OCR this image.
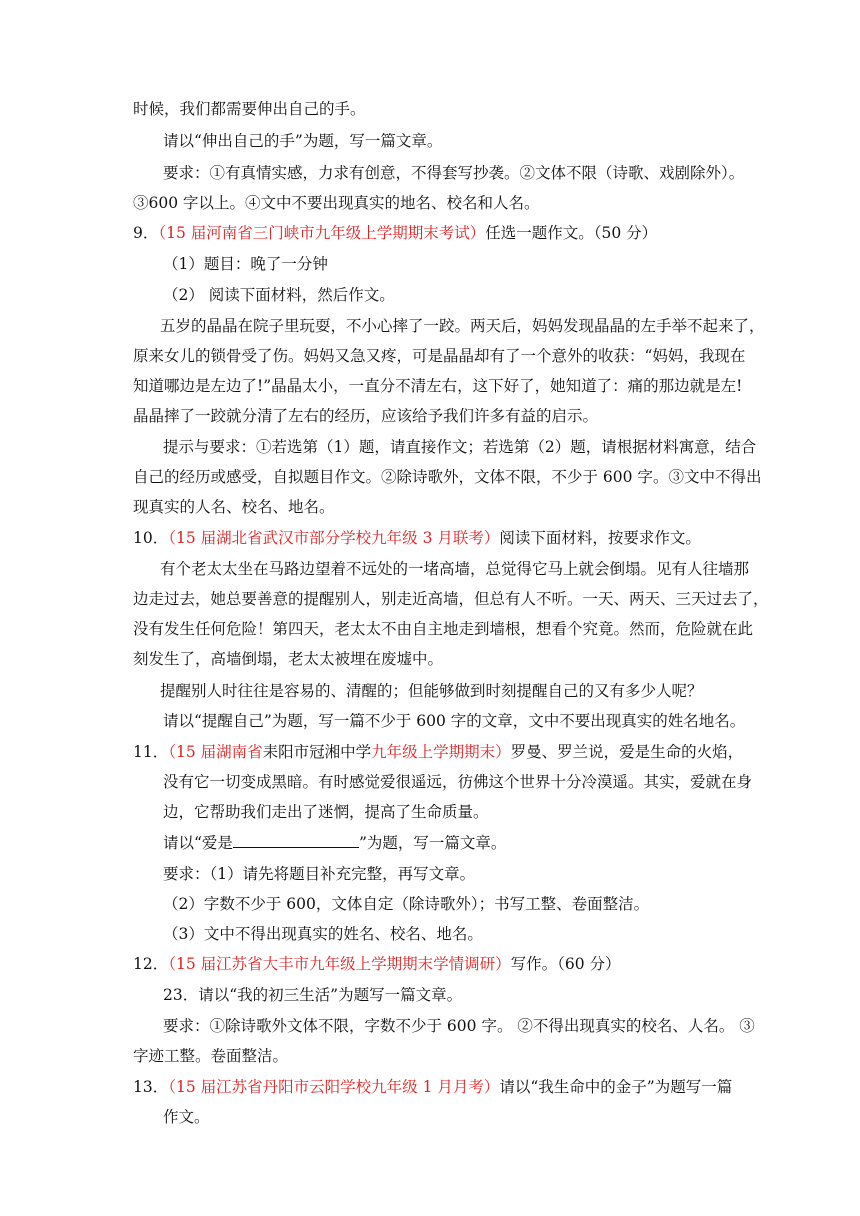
时候，我们都需要伸出自己的手。
请以“伸出自己的手”为题，写一篇文章。
要求：①有真情实感，力求有创意，不得套写抄袭。②文体不限（诗歌、戏剧除外）。
③600 字以上。④文中不要出现真实的地名、校名和人名。
9．（15 届河南省三门峡市九年级上学期期末考试）任选一题作文。（50 分）
（1）题目：晚了一分钟
（2） 阅读下面材料，然后作文。
五岁的晶晶在院子里玩耍，不小心摔了一跤。两天后，妈妈发现晶晶的左手举不起来了，
原来女儿的锁骨受了伤。妈妈又急又疼，可是晶晶却有了一个意外的收获：“妈妈，我现在
知道哪边是左边了!”晶晶太小，一直分不清左右，这下好了，她知道了：痛的那边就是左!
晶晶摔了一跤就分清了左右的经历，应该给予我们许多有益的启示。
提示与要求：①若选第（1）题，请直接作文；若选第（2）题，请根据材料寓意，结合
自己的经历或感受，自拟题目作文。②除诗歌外，文体不限，不少于 600 字。③文中不得出
现真实的人名、校名、地名。
10．（15 届湖北省武汉市部分学校九年级 3 月联考）阅读下面材料，按要求作文。
有个老太太坐在马路边望着不远处的一堵高墙，总觉得它马上就会倒塌。见有人往墙那
边走过去，她总要善意的提醒别人，别走近高墙，但总有人不听。一天、两天、三天过去了，
没有发生任何危险！第四天，老太太不由自主地走到墙根，想看个究竟。然而，危险就在此
刻发生了，高墙倒塌，老太太被埋在废墟中。
提醒别人时往往是容易的、清醒的；但能够做到时刻提醒自己的又有多少人呢？
请以“提醒自己”为题，写一篇不少于 600 字的文章，文中不要出现真实的姓名地名。
11．（15 届湖南省耒阳市冠湘中学九年级上学期期末）罗曼、罗兰说，爱是生命的火焰，
没有它一切变成黑暗。有时感觉爱很遥远，彷佛这个世界十分冷漠遥。其实，爱就在身
边，它帮助我们走出了迷惘，提高了生命质量。
请以“爱是	”为题，写一篇文章。
要求：（1）请先将题目补充完整，再写文章。
（2）字数不少于 600，文体自定（除诗歌外）；书写工整、卷面整洁。
（3）文中不得出现真实的姓名、校名、地名。
12．（15 届江苏省大丰市九年级上学期期末学情调研）写作。（60 分）
23．请以“我的初三生活”为题写一篇文章。
要求：①除诗歌外文体不限，字数不少于 600 字。 ②不得出现真实的校名、人名。 ③
字迹工整。卷面整洁。
13．（15 届江苏省丹阳市云阳学校九年级 1 月月考）请以“我生命中的金子”为题写一篇
作文。
